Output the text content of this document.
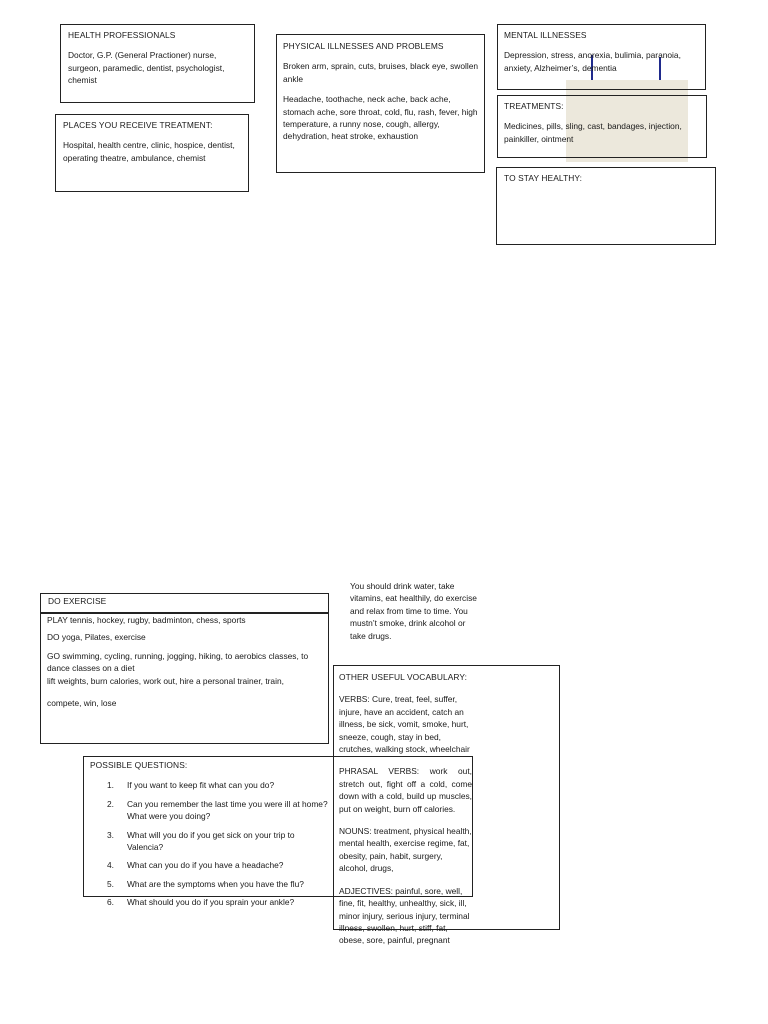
HEALTH PROFESSIONALS

Doctor, G.P. (General Practioner) nurse, surgeon, paramedic, dentist, psychologist, chemist

PLACES YOU RECEIVE TREATMENT:

Hospital, health centre, clinic, hospice, dentist, operating theatre, ambulance, chemist

PHYSICAL ILLNESSES AND PROBLEMS

Broken arm, sprain, cuts, bruises, black eye, swollen ankle

Headache, toothache, neck ache, back ache, stomach ache, sore throat, cold, flu, rash, fever, high temperature, a runny nose, cough, allergy, dehydration, heat stroke, exhaustion

MENTAL ILLNESSES

Depression, stress, anorexia, bulimia, paranoia, anxiety, Alzheimer’s, dementia

TREATMENTS:

Medicines, pills, sling, cast, bandages, injection, painkiller, ointment

TO STAY HEALTHY:

You should drink water, take vitamins, eat healthily, do exercise and relax from time to time. You mustn’t smoke, drink alcohol or take drugs.

DO EXERCISE

PLAY tennis, hockey, rugby, badminton, chess, sports

DO yoga, Pilates, exercise

GO swimming, cycling, running, jogging, hiking, to aerobics classes, to dance classes on a diet

lift weights, burn calories, work out, hire a personal trainer, train,

compete, win, lose

OTHER USEFUL VOCABULARY:

VERBS: Cure, treat, feel, suffer, injure, have an accident, catch an illness, be sick, vomit, smoke, hurt, sneeze, cough, stay in bed, crutches, walking stock, wheelchair

PHRASAL VERBS: work out, stretch out, fight off a cold, come down with a cold, build up muscles, put on weight, burn off calories.

NOUNS: treatment, physical health, mental health, exercise regime, fat, obesity, pain, habit, surgery, alcohol, drugs,

ADJECTIVES: painful, sore, well, fine, fit, healthy, unhealthy, sick, ill, minor injury, serious injury, terminal illness, swollen, hurt, stiff, fat, obese, sore, painful, pregnant

POSSIBLE QUESTIONS:

1. If you want to keep fit what can you do?
2. Can you remember the last time you were ill at home? What were you doing?
3. What will you do if you get sick on your trip to Valencia?
4. What can you do if you have a headache?
5. What are the symptoms when you have the flu?
6. What should you do if you sprain your ankle?
